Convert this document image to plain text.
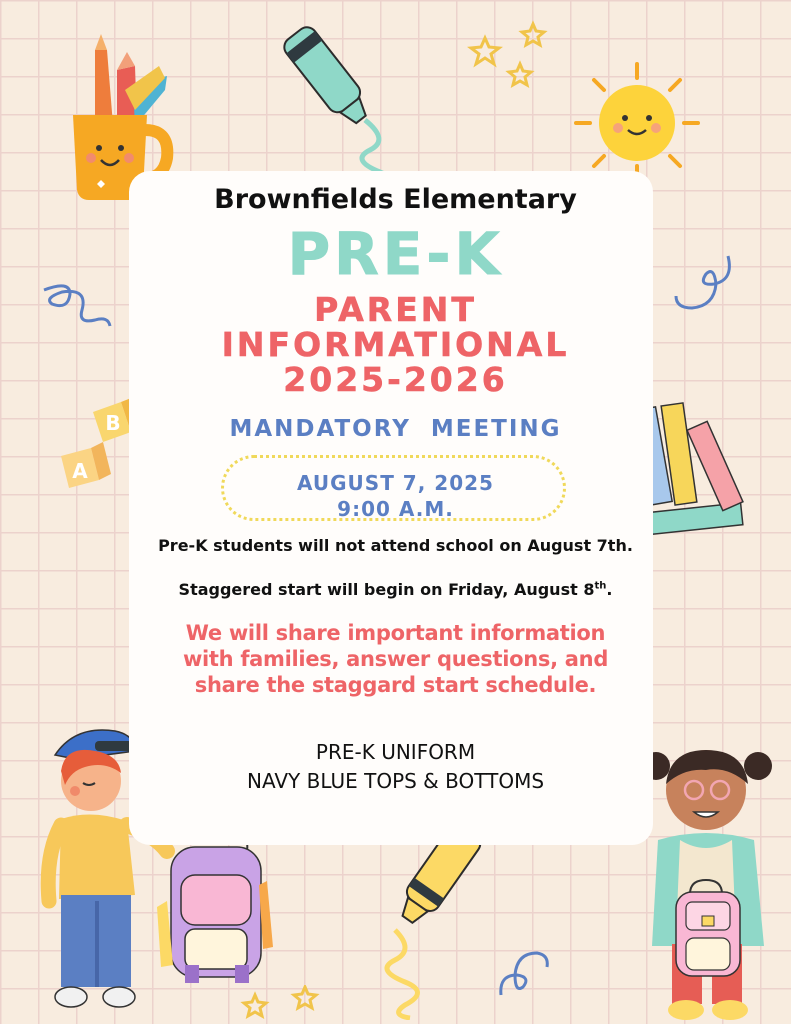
B
A

Brownfields Elementary

PRE-K

PARENT

INFORMATIONAL

2025-2026

MANDATORY  MEETING

AUGUST 7, 2025

9:00 A.M.

Pre-K students will not attend school on August 7th.

Staggered start will begin on Friday, August 8th.

We will share important information

with families, answer questions, and

share the staggard start schedule.

PRE-K UNIFORM

NAVY BLUE TOPS & BOTTOMS
